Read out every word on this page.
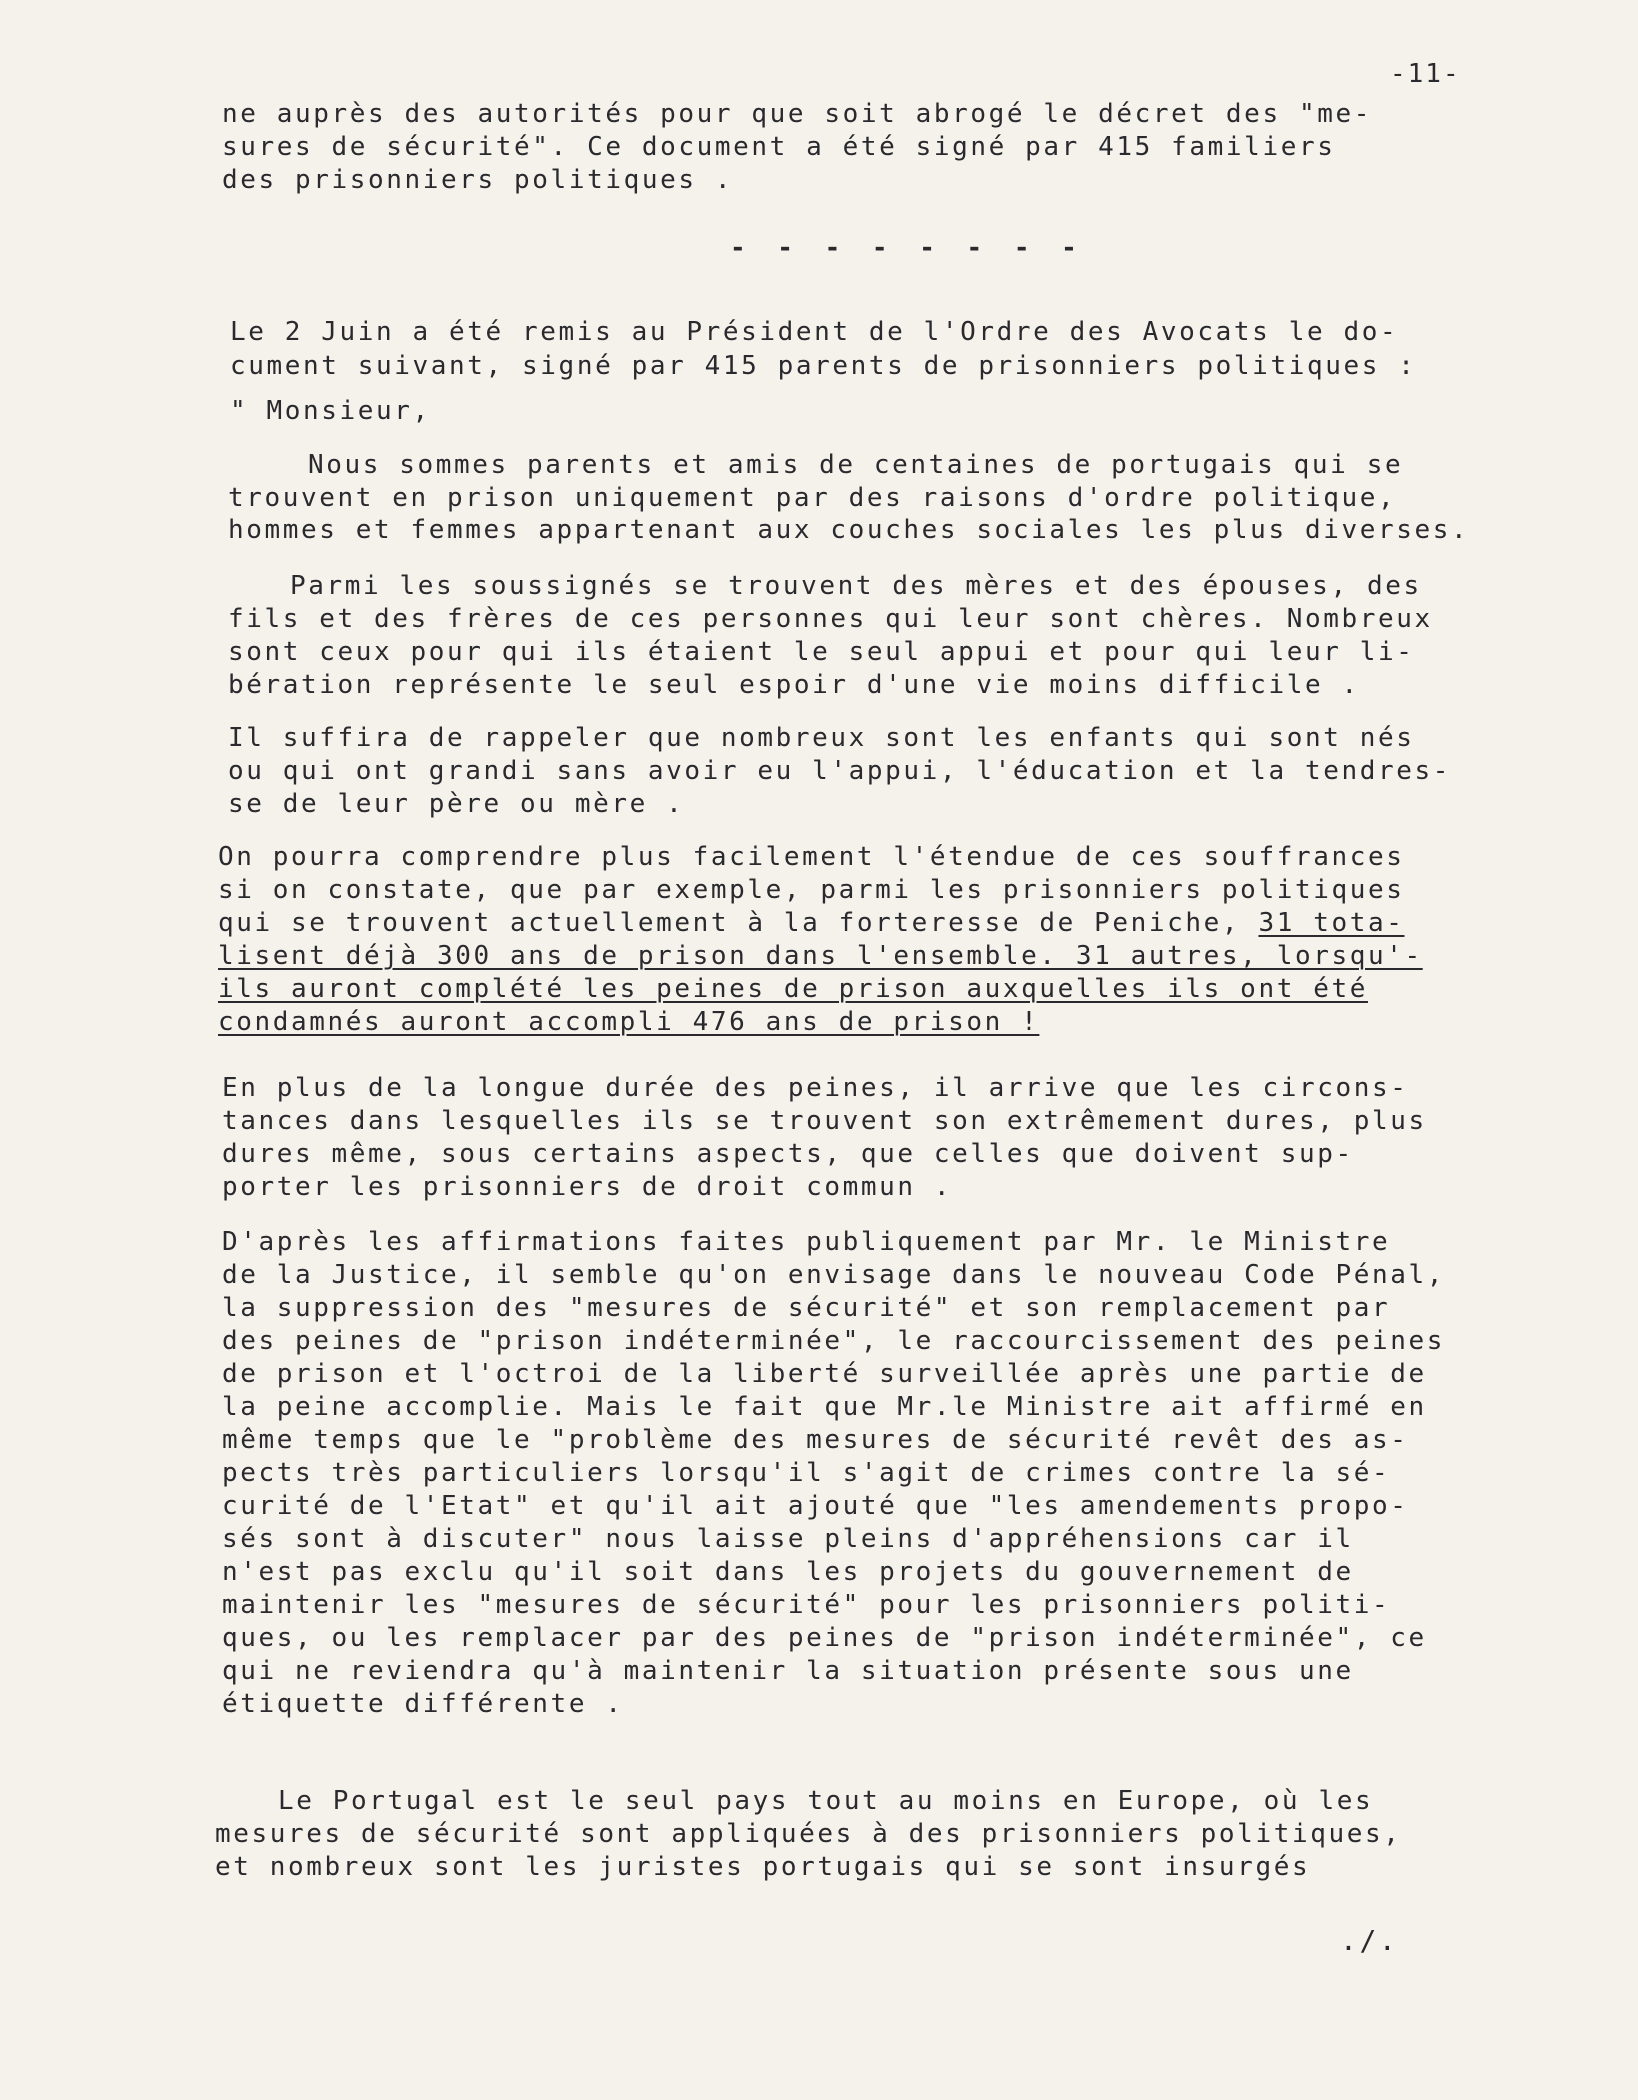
-11-
ne auprès des autorités pour que soit abrogé le décret des "me-
sures de sécurité". Ce document a été signé par 415 familiers
des prisonniers politiques .
- - - - - - - -
Le 2 Juin a été remis au Président de l'Ordre des Avocats le do-
cument suivant, signé par 415 parents de prisonniers politiques :
" Monsieur,
Nous sommes parents et amis de centaines de portugais qui se
trouvent en prison uniquement par des raisons d'ordre politique,
hommes et femmes appartenant aux couches sociales les plus diverses.
Parmi les soussignés se trouvent des mères et des épouses, des
fils et des frères de ces personnes qui leur sont chères. Nombreux
sont ceux pour qui ils étaient le seul appui et pour qui leur li-
bération représente le seul espoir d'une vie moins difficile .
Il suffira de rappeler que nombreux sont les enfants qui sont nés
ou qui ont grandi sans avoir eu l'appui, l'éducation et la tendres-
se de leur père ou mère .
On pourra comprendre plus facilement l'étendue de ces souffrances
si on constate, que par exemple, parmi les prisonniers politiques
qui se trouvent actuellement à la forteresse de Peniche, 31 tota-
lisent déjà 300 ans de prison dans l'ensemble. 31 autres, lorsqu'-
ils auront complété les peines de prison auxquelles ils ont été
condamnés auront accompli 476 ans de prison !
En plus de la longue durée des peines, il arrive que les circons-
tances dans lesquelles ils se trouvent son extrêmement dures, plus
dures même, sous certains aspects, que celles que doivent sup-
porter les prisonniers de droit commun .
D'après les affirmations faites publiquement par Mr. le Ministre
de la Justice, il semble qu'on envisage dans le nouveau Code Pénal,
la suppression des "mesures de sécurité" et son remplacement par
des peines de "prison indéterminée", le raccourcissement des peines
de prison et l'octroi de la liberté surveillée après une partie de
la peine accomplie. Mais le fait que Mr.le Ministre ait affirmé en
même temps que le "problème des mesures de sécurité revêt des as-
pects très particuliers lorsqu'il s'agit de crimes contre la sé-
curité de l'Etat" et qu'il ait ajouté que "les amendements propo-
sés sont à discuter" nous laisse pleins d'appréhensions car il
n'est pas exclu qu'il soit dans les projets du gouvernement de
maintenir les "mesures de sécurité" pour les prisonniers politi-
ques, ou les remplacer par des peines de "prison indéterminée", ce
qui ne reviendra qu'à maintenir la situation présente sous une
étiquette différente .
Le Portugal est le seul pays tout au moins en Europe, où les
mesures de sécurité sont appliquées à des prisonniers politiques,
et nombreux sont les juristes portugais qui se sont insurgés
./.
